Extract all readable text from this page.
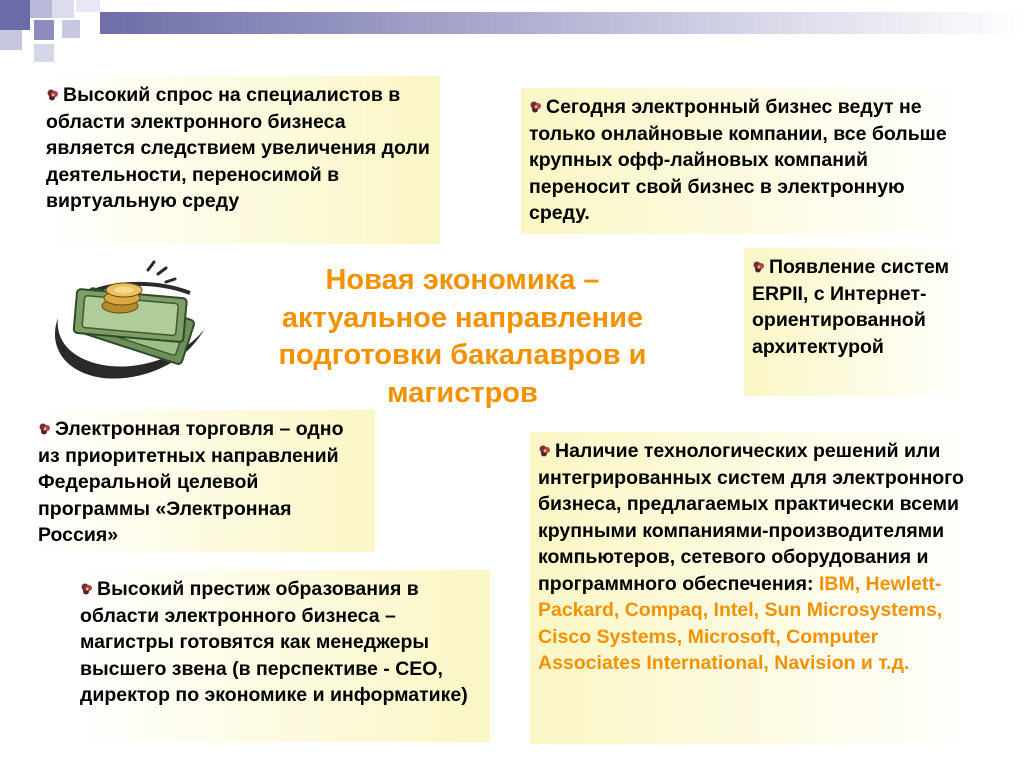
Высокий спрос на специалистов в области электронного бизнеса является следствием увеличения доли деятельности, переносимой в виртуальную среду
Сегодня электронный бизнес ведут не только онлайновые компании, все больше крупных офф-лайновых компаний переносит свой бизнес в электронную среду.
Появление систем ERPII, с Интернет-ориентированной архитектурой
Новая экономика – актуальное направление подготовки бакалавров и магистров
Электронная торговля – одно из приоритетных направлений Федеральной целевой программы «Электронная Россия»
Высокий престиж образования в области электронного бизнеса – магистры готовятся как менеджеры высшего звена (в перспективе - CEO, директор по экономике и информатике)
Наличие технологических решений или интегрированных систем для электронного бизнеса, предлагаемых практически всеми крупными компаниями-производителями компьютеров, сетевого оборудования и программного обеспечения: IBM, Hewlett-Packard, Compaq, Intel, Sun Microsystems, Cisco Systems, Microsoft, Computer Associates International, Navision и т.д.
